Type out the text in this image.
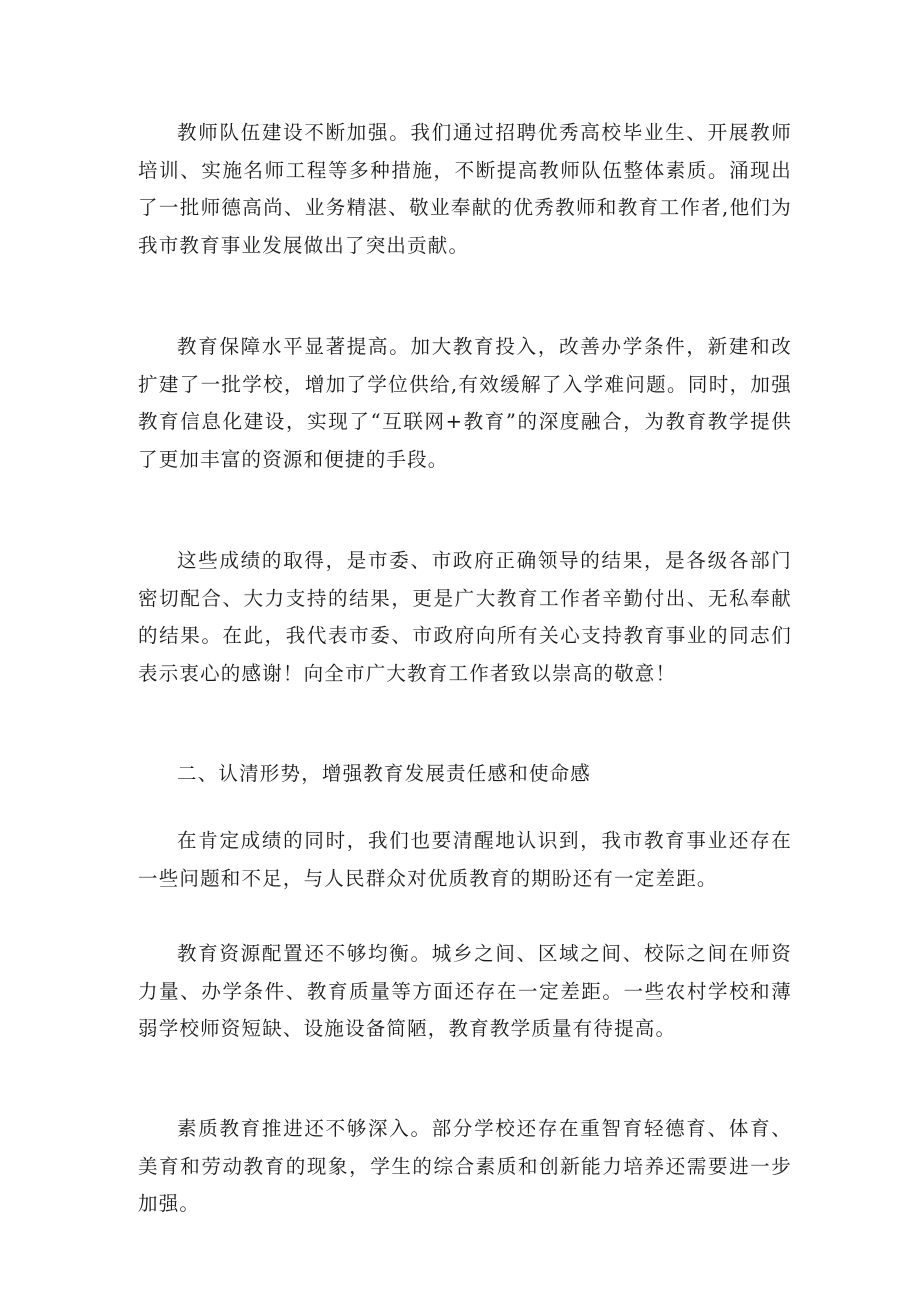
教师队伍建设不断加强。我们通过招聘优秀高校毕业生、开展教师培训、实施名师工程等多种措施，不断提高教师队伍整体素质。涌现出了一批师德高尚、业务精湛、敬业奉献的优秀教师和教育工作者,他们为我市教育事业发展做出了突出贡献。

教育保障水平显著提高。加大教育投入，改善办学条件，新建和改扩建了一批学校，增加了学位供给,有效缓解了入学难问题。同时，加强教育信息化建设，实现了“互联网+教育”的深度融合，为教育教学提供了更加丰富的资源和便捷的手段。

这些成绩的取得，是市委、市政府正确领导的结果，是各级各部门密切配合、大力支持的结果，更是广大教育工作者辛勤付出、无私奉献的结果。在此，我代表市委、市政府向所有关心支持教育事业的同志们表示衷心的感谢！向全市广大教育工作者致以崇高的敬意！

二、认清形势，增强教育发展责任感和使命感

在肯定成绩的同时，我们也要清醒地认识到，我市教育事业还存在一些问题和不足，与人民群众对优质教育的期盼还有一定差距。

教育资源配置还不够均衡。城乡之间、区域之间、校际之间在师资力量、办学条件、教育质量等方面还存在一定差距。一些农村学校和薄弱学校师资短缺、设施设备简陋，教育教学质量有待提高。

素质教育推进还不够深入。部分学校还存在重智育轻德育、体育、美育和劳动教育的现象，学生的综合素质和创新能力培养还需要进一步加强。
